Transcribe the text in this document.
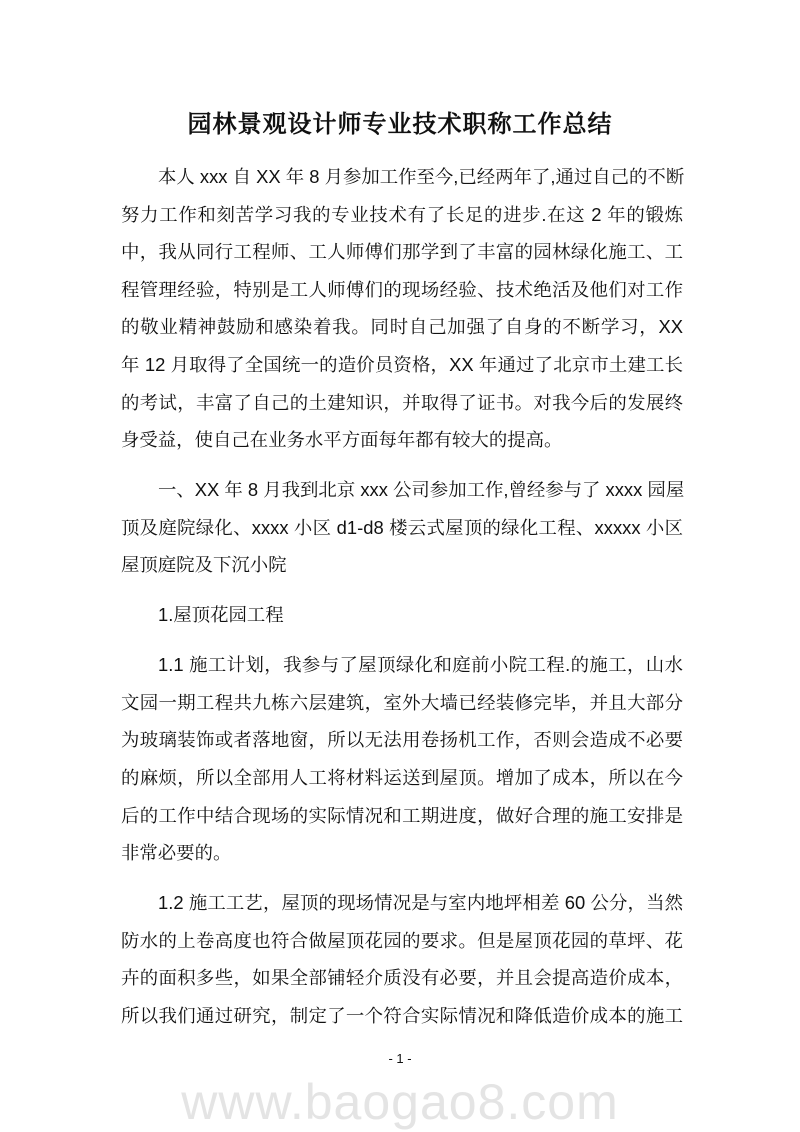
园林景观设计师专业技术职称工作总结
本人 xxx 自 XX 年 8 月参加工作至今,已经两年了,通过自己的不断
努力工作和刻苦学习我的专业技术有了长足的进步.在这 2 年的锻炼
中，我从同行工程师、工人师傅们那学到了丰富的园林绿化施工、工
程管理经验，特别是工人师傅们的现场经验、技术绝活及他们对工作
的敬业精神鼓励和感染着我。同时自己加强了自身的不断学习，XX
年 12 月取得了全国统一的造价员资格，XX 年通过了北京市土建工长
的考试，丰富了自己的土建知识，并取得了证书。对我今后的发展终
身受益，使自己在业务水平方面每年都有较大的提高。
一、XX 年 8 月我到北京 xxx 公司参加工作,曾经参与了 xxxx 园屋
顶及庭院绿化、xxxx 小区 d1-d8 楼云式屋顶的绿化工程、xxxxx 小区
屋顶庭院及下沉小院
1.屋顶花园工程
1.1 施工计划，我参与了屋顶绿化和庭前小院工程.的施工，山水
文园一期工程共九栋六层建筑，室外大墙已经装修完毕，并且大部分
为玻璃装饰或者落地窗，所以无法用卷扬机工作，否则会造成不必要
的麻烦，所以全部用人工将材料运送到屋顶。增加了成本，所以在今
后的工作中结合现场的实际情况和工期进度，做好合理的施工安排是
非常必要的。
1.2 施工工艺，屋顶的现场情况是与室内地坪相差 60 公分，当然
防水的上卷高度也符合做屋顶花园的要求。但是屋顶花园的草坪、花
卉的面积多些，如果全部铺轻介质没有必要，并且会提高造价成本，
所以我们通过研究，制定了一个符合实际情况和降低造价成本的施工
- 1 -
www.baogao8.com
